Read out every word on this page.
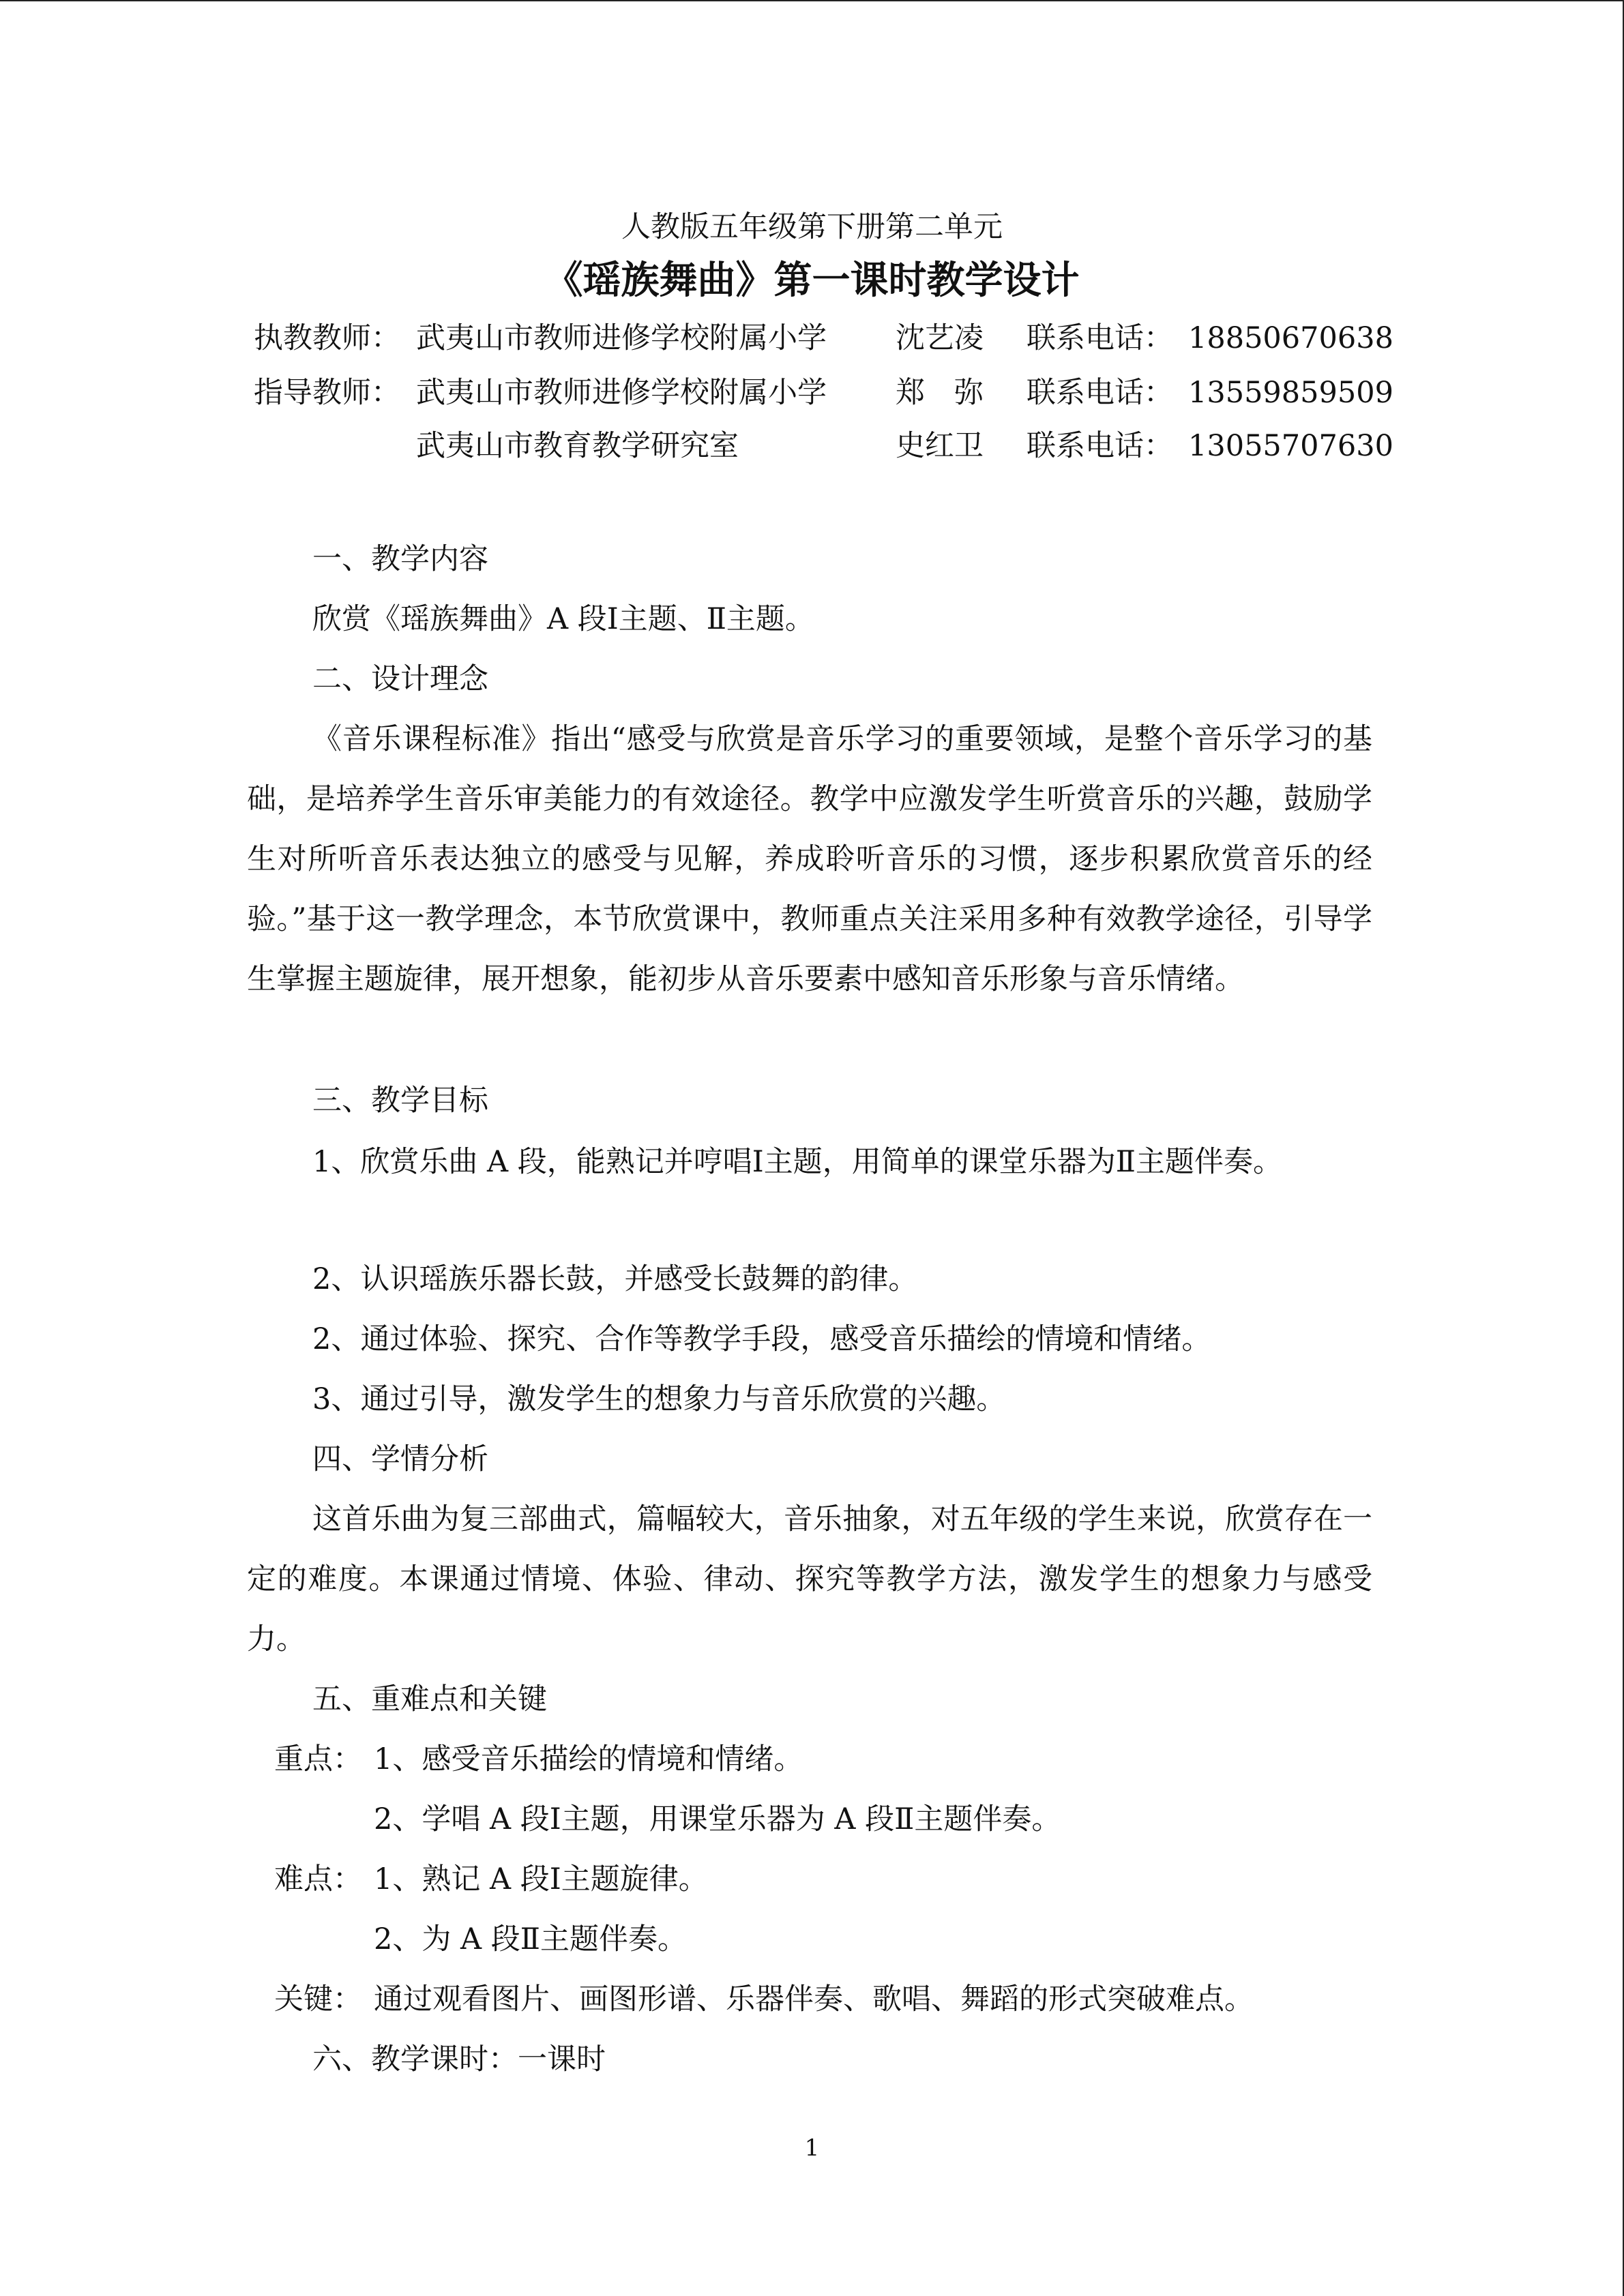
人教版五年级第下册第二单元
《瑶族舞曲》第一课时教学设计
执教教师： 武夷山市教师进修学校附属小学 沈艺凌 联系电话： 18850670638
指导教师： 武夷山市教师进修学校附属小学 郑　弥 联系电话： 13559859509
武夷山市教育教学研究室	史红卫 联系电话： 13055707630
一、教学内容
欣赏《瑶族舞曲》A 段Ⅰ主题、Ⅱ主题。
二、设计理念
《音乐课程标准》指出“感受与欣赏是音乐学习的重要领域，是整个音乐学习的基础，是培养学生音乐审美能力的有效途径。教学中应激发学生听赏音乐的兴趣，鼓励学生对所听音乐表达独立的感受与见解，养成聆听音乐的习惯，逐步积累欣赏音乐的经验。”基于这一教学理念，本节欣赏课中，教师重点关注采用多种有效教学途径，引导学生掌握主题旋律，展开想象，能初步从音乐要素中感知音乐形象与音乐情绪。
三、教学目标
1、欣赏乐曲 A 段，能熟记并哼唱Ⅰ主题，用简单的课堂乐器为Ⅱ主题伴奏。
2、认识瑶族乐器长鼓，并感受长鼓舞的韵律。
2、通过体验、探究、合作等教学手段，感受音乐描绘的情境和情绪。
3、通过引导，激发学生的想象力与音乐欣赏的兴趣。
四、学情分析
这首乐曲为复三部曲式，篇幅较大，音乐抽象，对五年级的学生来说，欣赏存在一定的难度。本课通过情境、体验、律动、探究等教学方法，激发学生的想象力与感受力。
五、重难点和关键
重点： 1、感受音乐描绘的情境和情绪。
2、学唱 A 段Ⅰ主题，用课堂乐器为 A 段Ⅱ主题伴奏。
难点： 1、熟记 A 段Ⅰ主题旋律。
2、为 A 段Ⅱ主题伴奏。
关键： 通过观看图片、画图形谱、乐器伴奏、歌唱、舞蹈的形式突破难点。
六、教学课时：一课时
1
